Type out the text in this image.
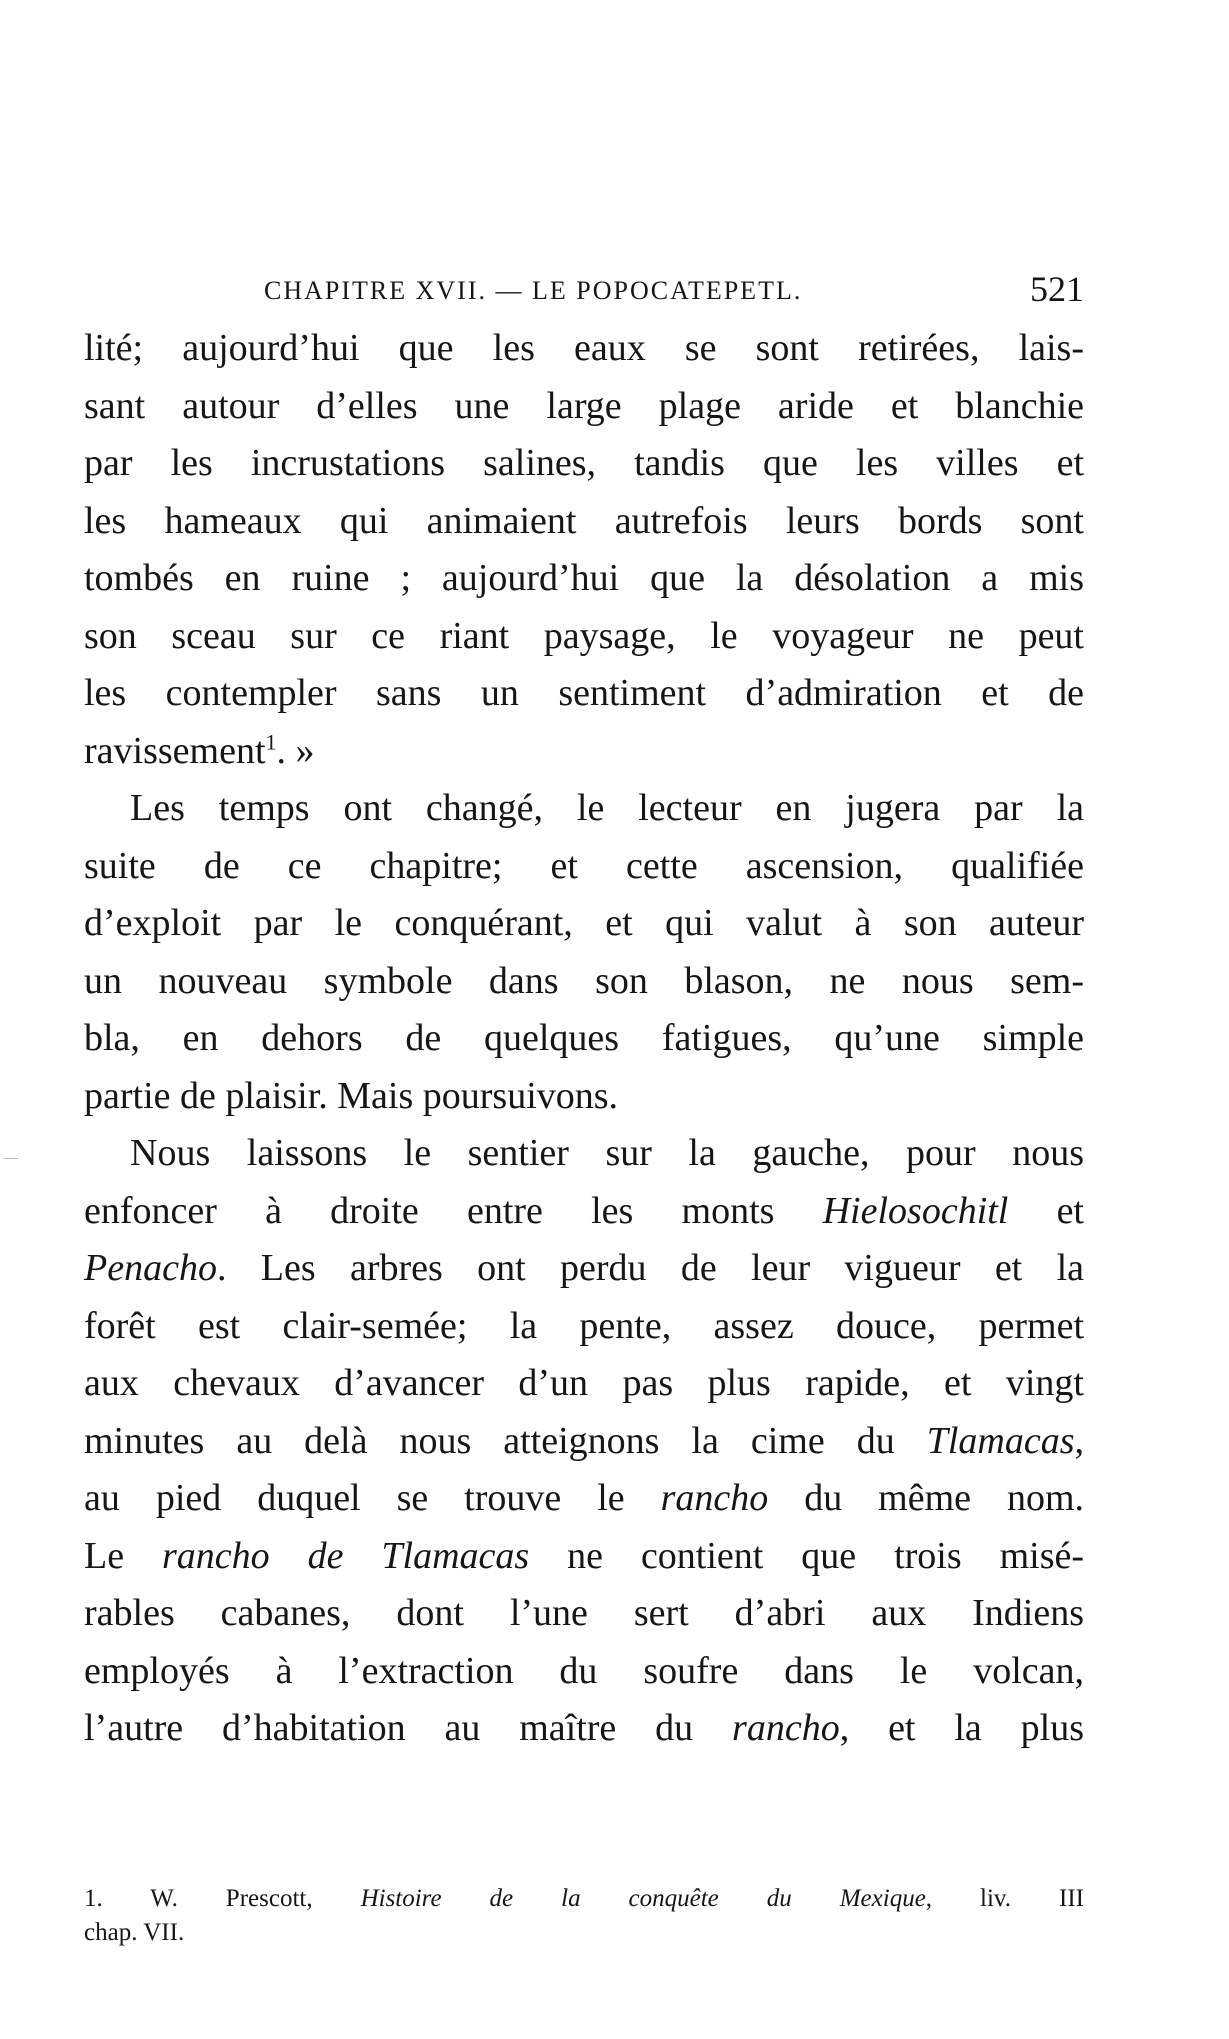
CHAPITRE XVII. — LE POPOCATEPETL.	521
lité; aujourd’hui que les eaux se sont retirées, lais-
sant autour d’elles une large plage aride et blanchie
par les incrustations salines, tandis que les villes et
les hameaux qui animaient autrefois leurs bords sont
tombés en ruine ; aujourd’hui que la désolation a mis
son sceau sur ce riant paysage, le voyageur ne peut
les contempler sans un sentiment d’admiration et de
ravissement$^1$. »
Les temps ont changé, le lecteur en jugera par la
suite de ce chapitre; et cette ascension, qualifiée
d’exploit par le conquérant, et qui valut à son auteur
un nouveau symbole dans son blason, ne nous sem-
bla, en dehors de quelques fatigues, qu’une simple
partie de plaisir. Mais poursuivons.
Nous laissons le sentier sur la gauche, pour nous
enfoncer à droite entre les monts Hielosochitl et
Penacho. Les arbres ont perdu de leur vigueur et la
forêt est clair-semée; la pente, assez douce, permet
aux chevaux d’avancer d’un pas plus rapide, et vingt
minutes au delà nous atteignons la cime du Tlamacas,
au pied duquel se trouve le rancho du même nom.
Le rancho de Tlamacas ne contient que trois misé-
rables cabanes, dont l’une sert d’abri aux Indiens
employés à l’extraction du soufre dans le volcan,
l’autre d’habitation au maître du rancho, et la plus
1. W. Prescott, Histoire de la conquête du Mexique, liv. III
chap. VII.
